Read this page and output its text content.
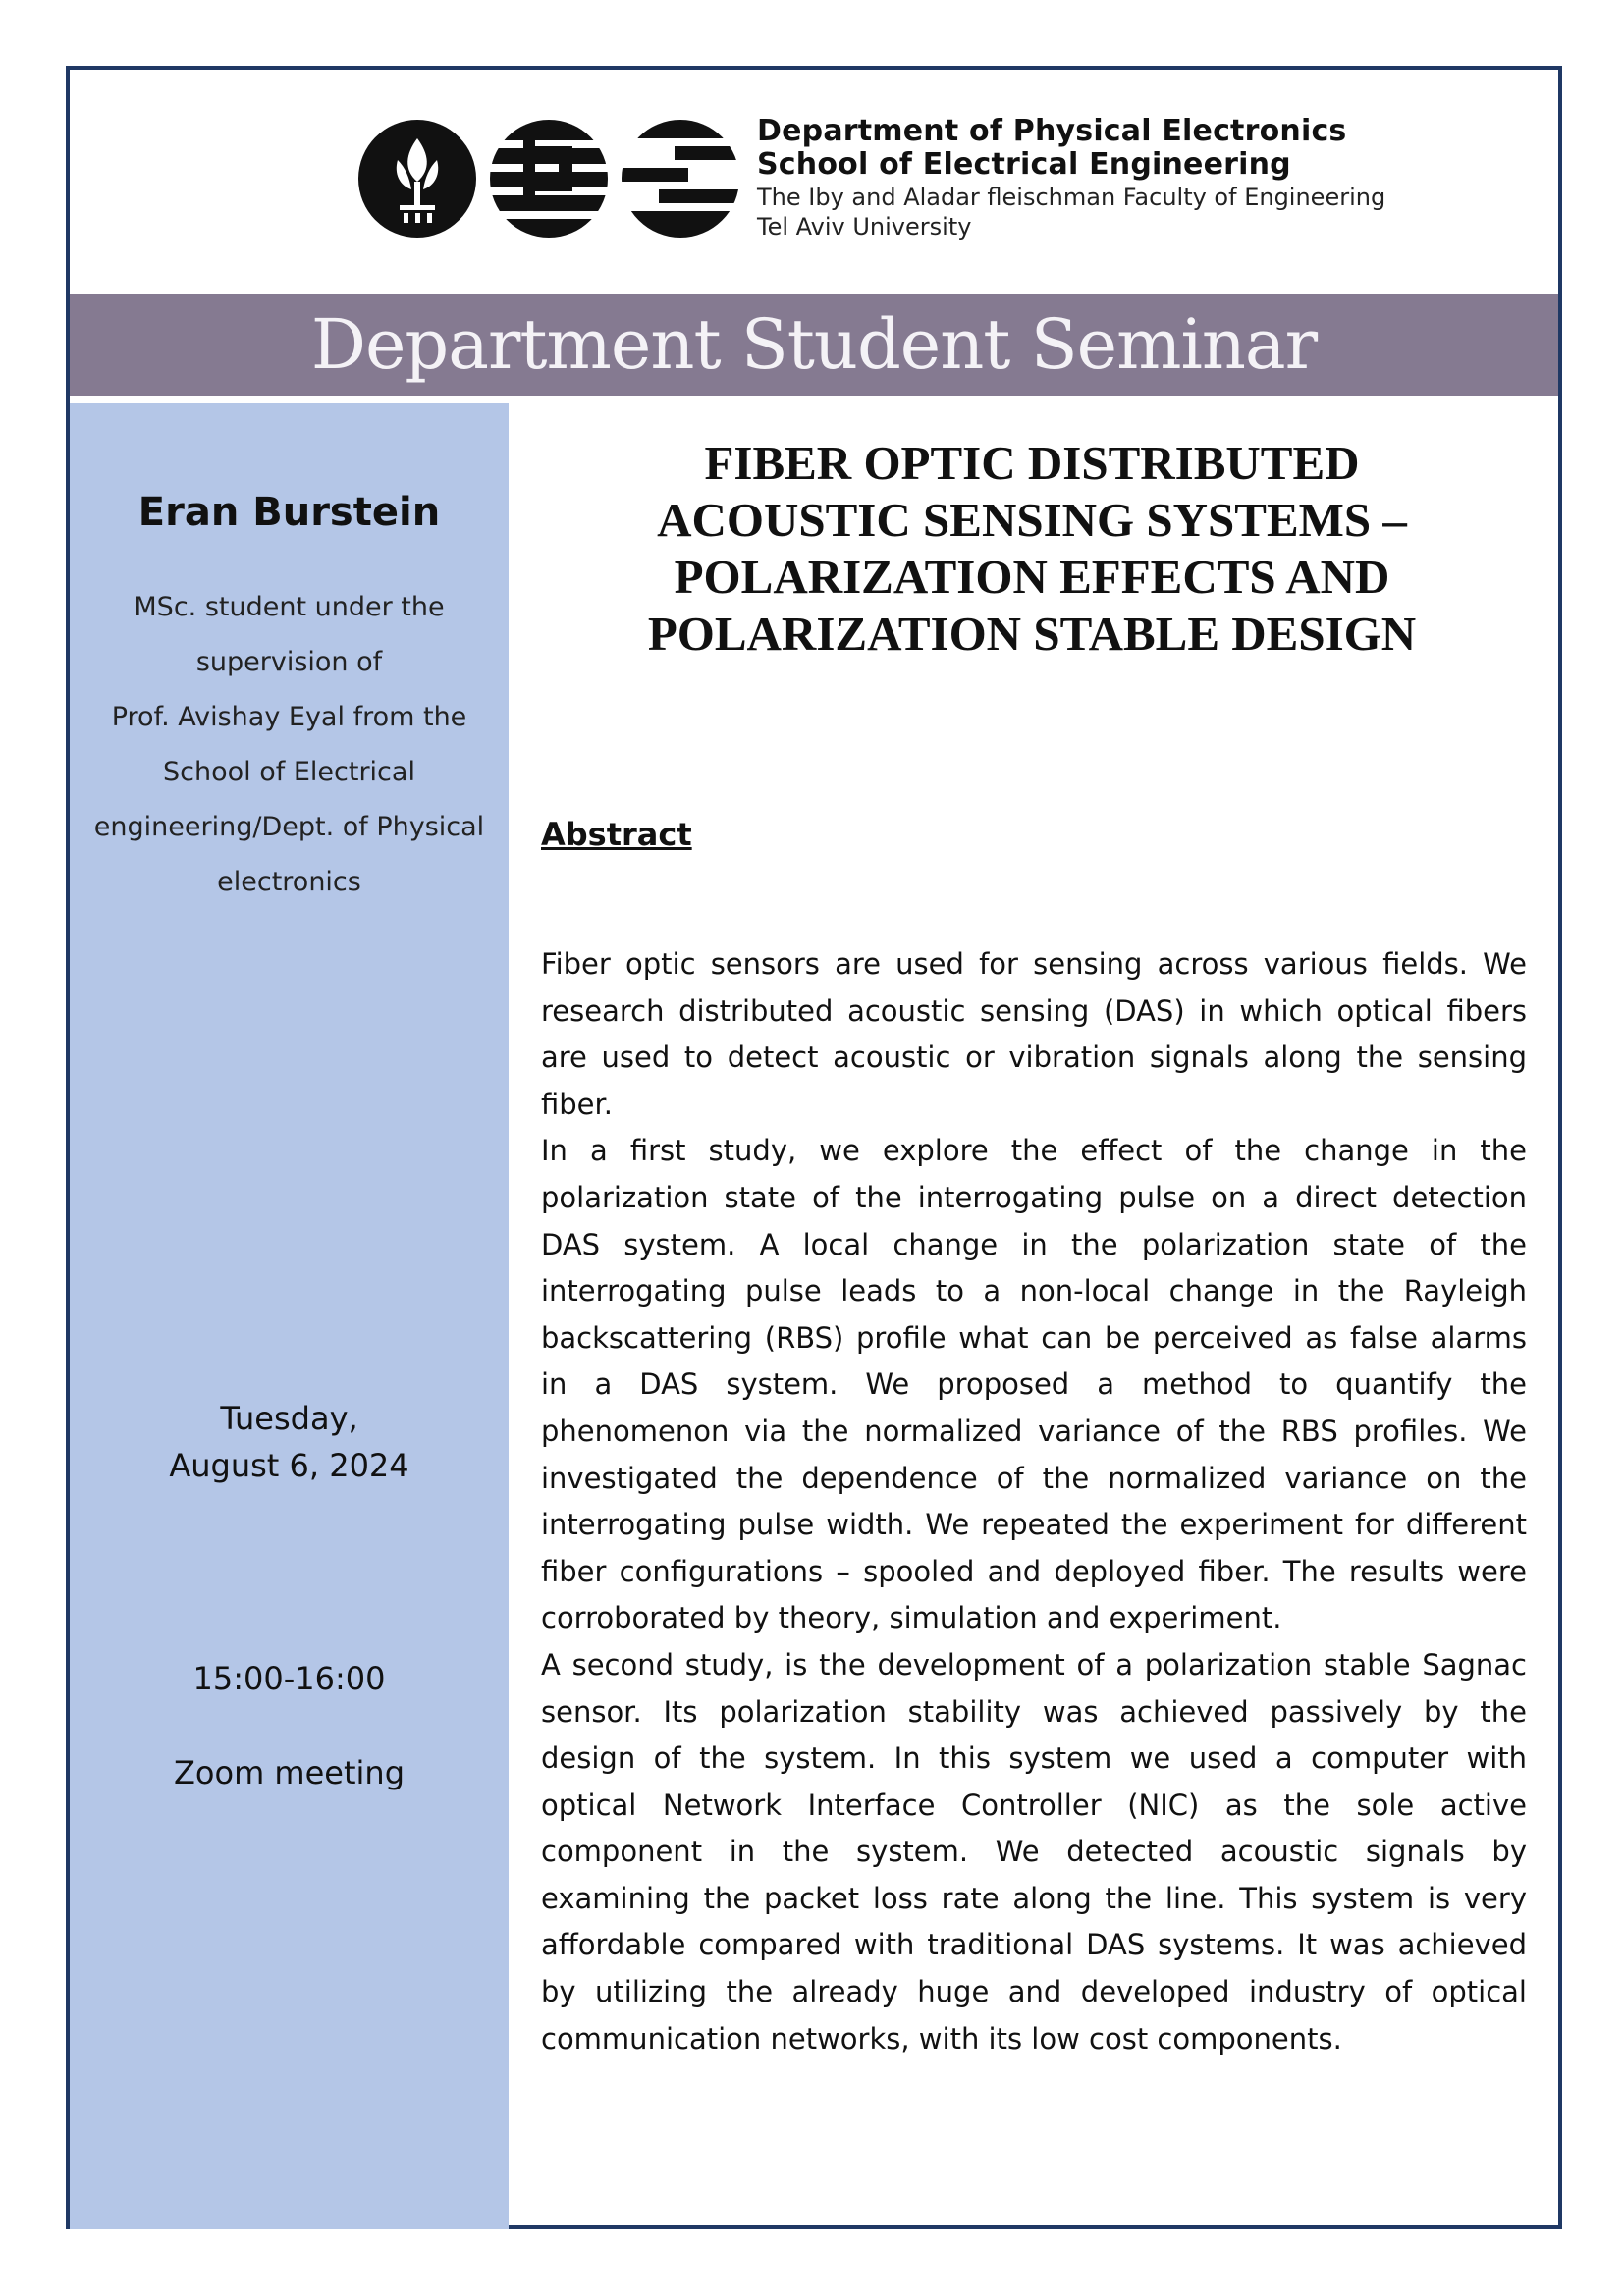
Department of Physical Electronics
School of Electrical Engineering
The Iby and Aladar fleischman Faculty of Engineering
Tel Aviv University
Department Student Seminar
Eran Burstein
MSc. student under the
supervision of
Prof. Avishay Eyal from the
School of Electrical
engineering/Dept. of Physical
electronics
Tuesday,
August 6, 2024
15:00-16:00
Zoom meeting
FIBER OPTIC DISTRIBUTED
ACOUSTIC SENSING SYSTEMS –
POLARIZATION EFFECTS AND
POLARIZATION STABLE DESIGN
Abstract

Fiber optic sensors are used for sensing across various fields. We research distributed acoustic sensing (DAS) in which optical fibers are used to detect acoustic or vibration signals along the sensing fiber.

In a first study, we explore the effect of the change in the polarization state of the interrogating pulse on a direct detection DAS system. A local change in the polarization state of the interrogating pulse leads to a non-local change in the Rayleigh backscattering (RBS) profile what can be perceived as false alarms in a DAS system. We proposed a method to quantify the phenomenon via the normalized variance of the RBS profiles. We investigated the dependence of the normalized variance on the interrogating pulse width. We repeated the experiment for different fiber configurations – spooled and deployed fiber. The results were corroborated by theory, simulation and experiment.

A second study, is the development of a polarization stable Sagnac sensor. Its polarization stability was achieved passively by the design of the system. In this system we used a computer with optical Network Interface Controller (NIC) as the sole active component in the system. We detected acoustic signals by examining the packet loss rate along the line. This system is very affordable compared with traditional DAS systems. It was achieved by utilizing the already huge and developed industry of optical communication networks, with its low cost components.
